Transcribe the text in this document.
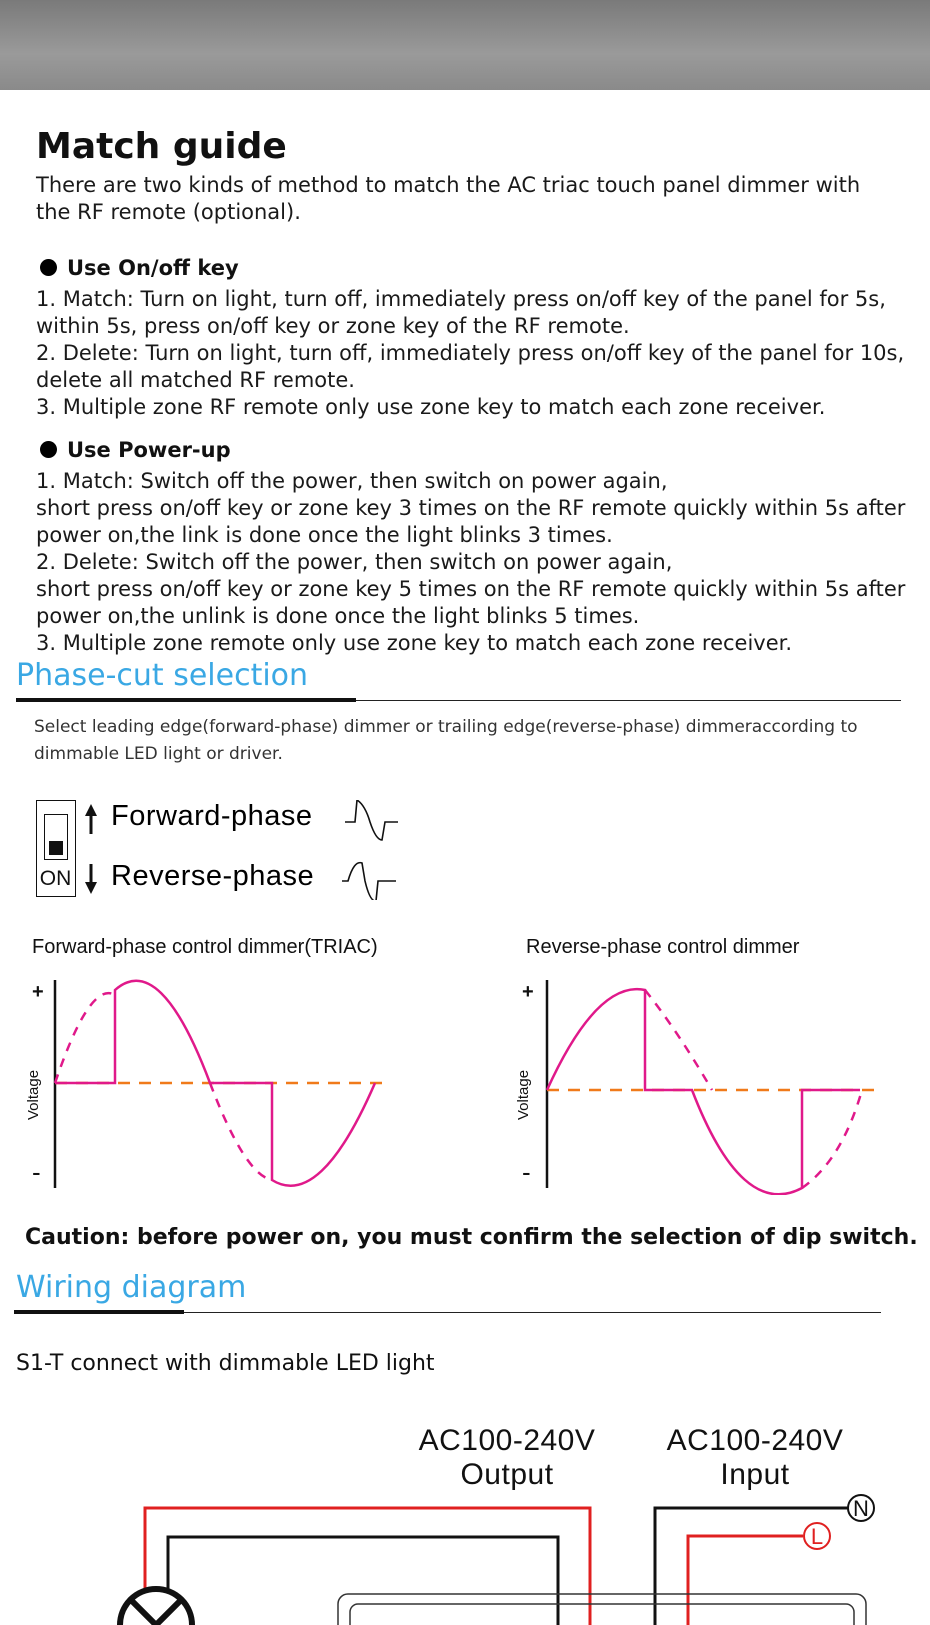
Match guide
There are two kinds of method to match the AC triac touch panel dimmer with
the RF remote (optional).
Use On/off key
1. Match: Turn on light, turn off, immediately press on/off key of the panel for 5s,
within 5s, press on/off key or zone key of the RF remote.
2. Delete: Turn on light, turn off, immediately press on/off key of the panel for 10s,
delete all matched RF remote.
3. Multiple zone RF remote only use zone key to match each zone receiver.
Use Power-up
1. Match: Switch off the power, then switch on power again,
short press on/off key or zone key 3 times on the RF remote quickly within 5s after
power on,the link is done once the light blinks 3 times.
2. Delete: Switch off the power, then switch on power again,
short press on/off key or zone key 5 times on the RF remote quickly within 5s after
power on,the unlink is done once the light blinks 5 times.
3. Multiple zone remote only use zone key to match each zone receiver.
Phase-cut selection
Select leading edge(forward-phase) dimmer or trailing edge(reverse-phase) dimmeraccording to
dimmable LED light or driver.
ON
Forward-phase
Reverse-phase
Forward-phase control dimmer(TRIAC)	Reverse-phase control dimmer
+
-
Voltage
+
-
Voltage
Caution: before power on, you must confirm the selection of dip switch.
Wiring diagram
S1-T connect with dimmable LED light
AC100-240V
Output
AC100-240V
Input
N
L
